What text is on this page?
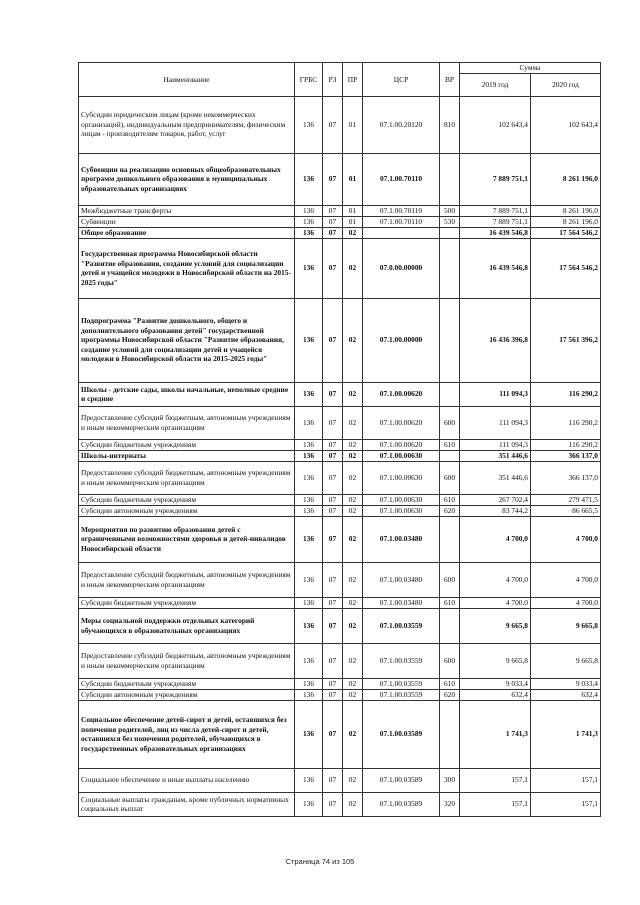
Наименование	ГРБС	РЗ	ПР	ЦСР	ВР	Сумма	
						2019 год	2020 год
Субсидии юридическим лицам (кроме некоммерческих организаций), индивидуальным предпринимателям, физическим лицам - производителям товаров, работ, услуг	136	07	01	07.1.00.20120	810	102 643,4	102 643,4
Субвенции на реализацию основных общеобразовательных программ дошкольного образования в муниципальных образовательных организациях	136	07	01	07.1.00.70110		7 889 751,1	8 261 196,0
Межбюджетные трансферты	136	07	01	07.1.00.70110	500	7 889 751,1	8 261 196,0
Субвенции	136	07	01	07.1.00.70110	530	7 889 751,1	8 261 196,0
Общее образование	136	07	02			16 439 546,8	17 564 546,2
Государственная программа Новосибирской области "Развитие образования, создание условий для социализации детей и учащейся молодежи в Новосибирской области на 2015-2025 годы"	136	07	02	07.0.00.00000		16 439 546,8	17 564 546,2
Подпрограмма "Развитие дошкольного, общего и дополнительного образования детей" государственной программы Новосибирской области "Развитие образования, создание условий для социализации детей и учащейся молодежи в Новосибирской области на 2015-2025 годы"	136	07	02	07.1.00.00000		16 436 396,8	17 561 396,2
Школы - детские сады, школы начальные, неполные средние и средние	136	07	02	07.1.00.00620		111 094,3	116 290,2
Предоставление субсидий бюджетным, автономным учреждениям и иным некоммерческим организациям	136	07	02	07.1.00.00620	600	111 094,3	116 290,2
Субсидии бюджетным учреждениям	136	07	02	07.1.00.00620	610	111 094,3	116 290,2
Школы-интернаты	136	07	02	07.1.00.00630		351 446,6	366 137,0
Предоставление субсидий бюджетным, автономным учреждениям и иным некоммерческим организациям	136	07	02	07.1.00.00630	600	351 446,6	366 137,0
Субсидии бюджетным учреждениям	136	07	02	07.1.00.00630	610	267 702,4	279 471,5
Субсидии автономным учреждениям	136	07	02	07.1.00.00630	620	83 744,2	86 665,5
Мероприятия по развитию образования детей с ограниченными возможностями здоровья и детей-инвалидов Новосибирской области	136	07	02	07.1.00.03480		4 700,0	4 700,0
Предоставление субсидий бюджетным, автономным учреждениям и иным некоммерческим организациям	136	07	02	07.1.00.03480	600	4 700,0	4 700,0
Субсидии бюджетным учреждениям	136	07	02	07.1.00.03480	610	4 700,0	4 700,0
Меры социальной поддержки отдельных категорий обучающихся в образовательных организациях	136	07	02	07.1.00.03559		9 665,8	9 665,8
Предоставление субсидий бюджетным, автономным учреждениям и иным некоммерческим организациям	136	07	02	07.1.00.03559	600	9 665,8	9 665,8
Субсидии бюджетным учреждениям	136	07	02	07.1.00.03559	610	9 033,4	9 033,4
Субсидии автономным учреждениям	136	07	02	07.1.00.03559	620	632,4	632,4
Социальное обеспечение детей-сирот и детей, оставшихся без попечения родителей, лиц из числа детей-сирот и детей, оставшихся без попечения родителей, обучающихся в государственных образовательных организациях	136	07	02	07.1.00.03589		1 741,3	1 741,3
Социальное обеспечение и иные выплаты населению	136	07	02	07.1.00.03589	300	157,1	157,1
Социальные выплаты гражданам, кроме публичных нормативных социальных выплат	136	07	02	07.1.00.03589	320	157,1	157,1
Страница 74 из 105
